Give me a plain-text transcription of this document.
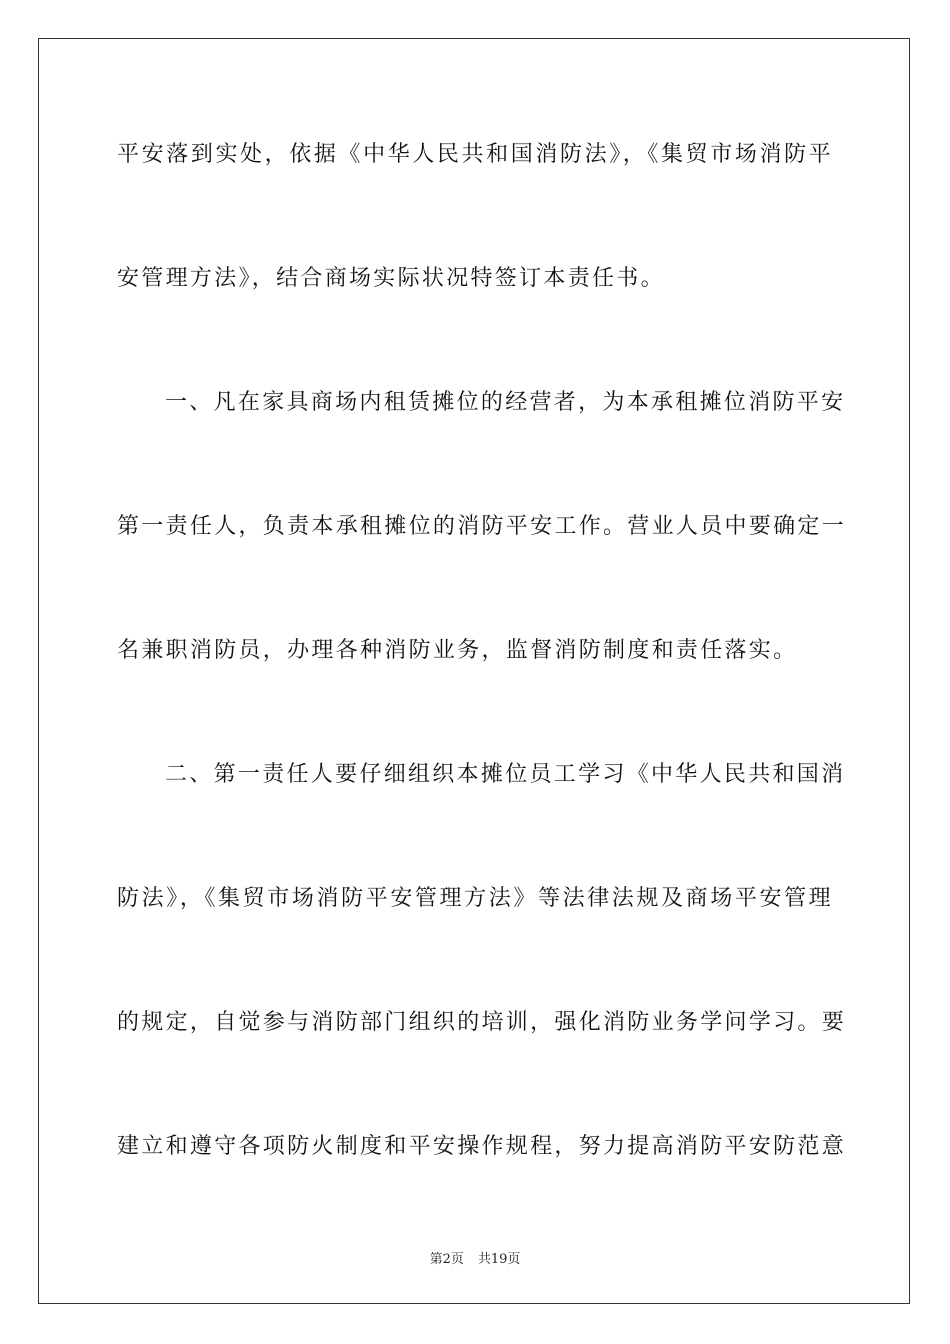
平安落到实处，依据《中华人民共和国消防法》，《集贸市场消防平
安管理方法》，结合商场实际状况特签订本责任书。
一、凡在家具商场内租赁摊位的经营者，为本承租摊位消防平安
第一责任人，负责本承租摊位的消防平安工作。营业人员中要确定一
名兼职消防员，办理各种消防业务，监督消防制度和责任落实。
二、第一责任人要仔细组织本摊位员工学习《中华人民共和国消
防法》，《集贸市场消防平安管理方法》等法律法规及商场平安管理
的规定，自觉参与消防部门组织的培训，强化消防业务学问学习。要
建立和遵守各项防火制度和平安操作规程，努力提高消防平安防范意
第2页 共19页
